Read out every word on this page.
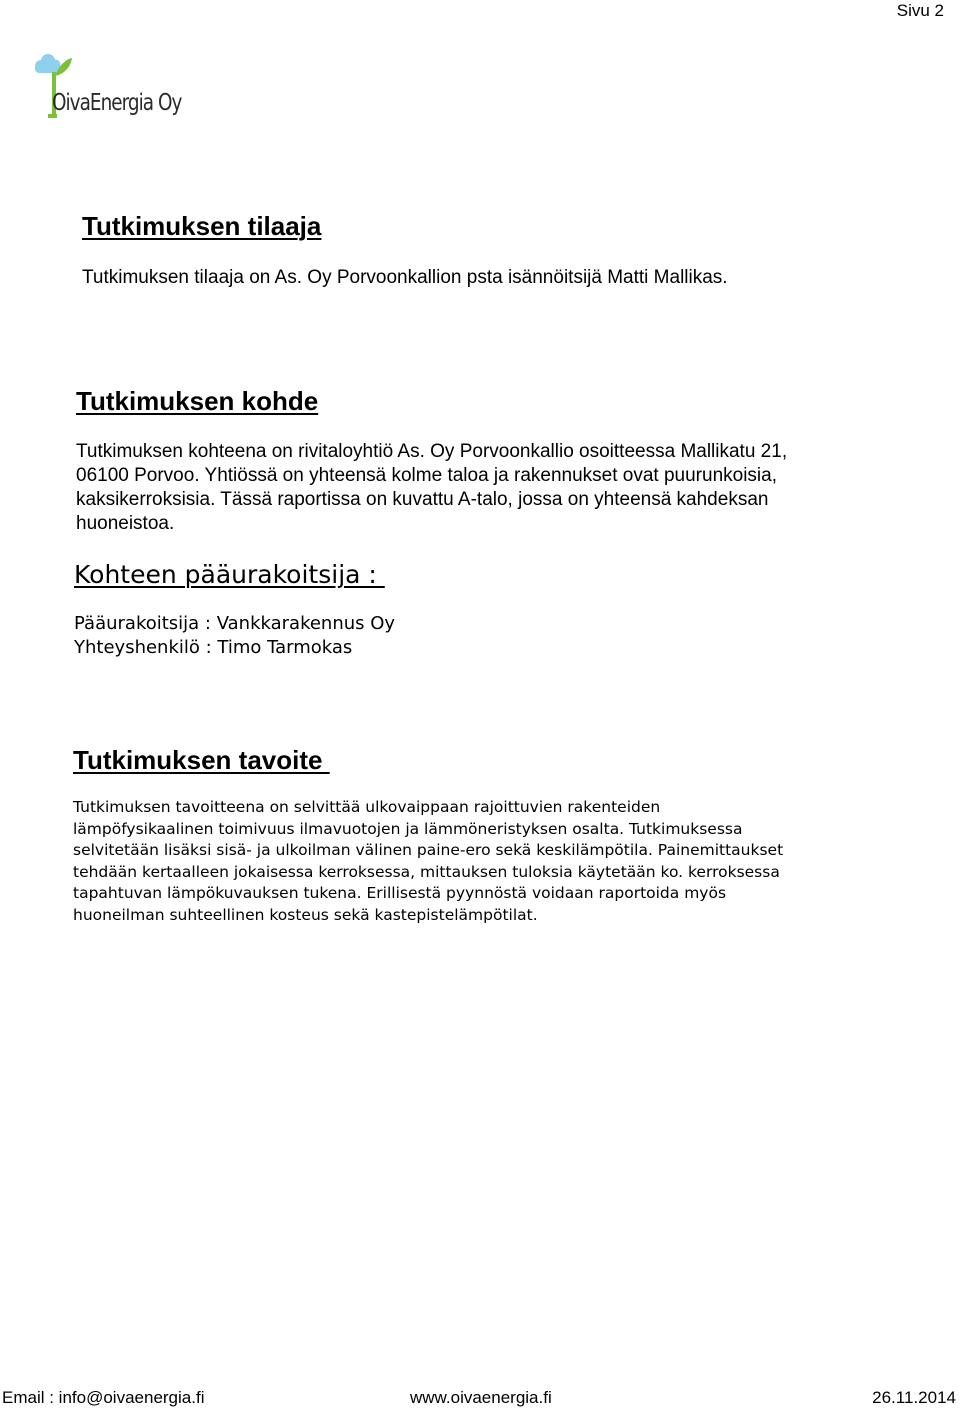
Sivu 2
OivaEnergia Oy
Tutkimuksen tilaaja

Tutkimuksen tilaaja on As. Oy Porvoonkallion psta isännöitsijä Matti Mallikas.

Tutkimuksen kohde

Tutkimuksen kohteena on rivitaloyhtiö As. Oy Porvoonkallio osoitteessa Mallikatu 21,
06100 Porvoo. Yhtiössä on yhteensä kolme taloa ja rakennukset ovat puurunkoisia,
kaksikerroksisia. Tässä raportissa on kuvattu A-talo, jossa on yhteensä kahdeksan
huoneistoa.

Kohteen pääurakoitsija :

Pääurakoitsija : Vankkarakennus Oy
Yhteyshenkilö : Timo Tarmokas

Tutkimuksen tavoite

Tutkimuksen tavoitteena on selvittää ulkovaippaan rajoittuvien rakenteiden
lämpöfysikaalinen toimivuus ilmavuotojen ja lämmöneristyksen osalta. Tutkimuksessa
selvitetään lisäksi sisä- ja ulkoilman välinen paine-ero sekä keskilämpötila. Painemittaukset
tehdään kertaalleen jokaisessa kerroksessa, mittauksen tuloksia käytetään ko. kerroksessa
tapahtuvan lämpökuvauksen tukena. Erillisestä pyynnöstä voidaan raportoida myös
huoneilman suhteellinen kosteus sekä kastepistelämpötilat.

Email : info@oivaenergia.fi	www.oivaenergia.fi	26.11.2014
